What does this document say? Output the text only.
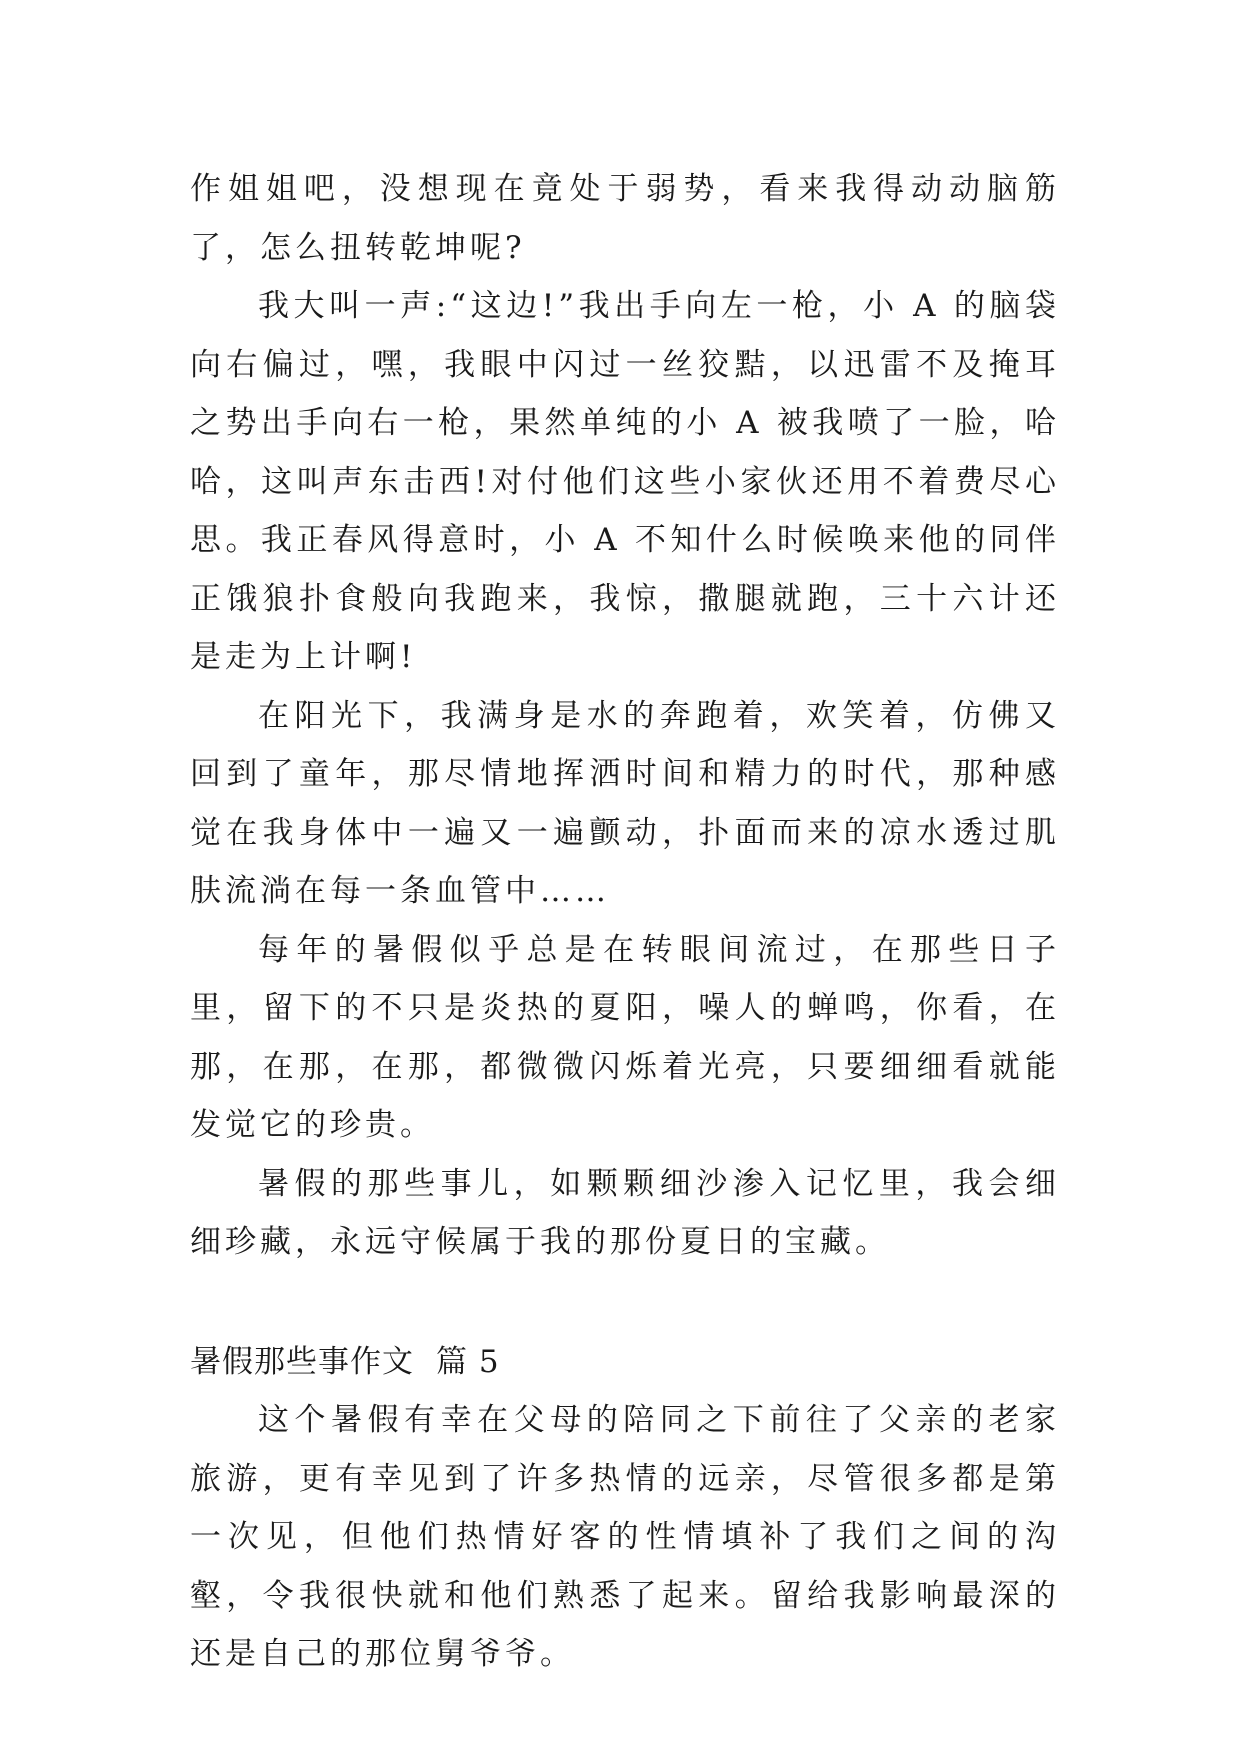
作姐姐吧，没想现在竟处于弱势，看来我得动动脑筋了，怎么扭转乾坤呢?

我大叫一声:“这边!”我出手向左一枪，小 A 的脑袋向右偏过，嘿，我眼中闪过一丝狡黠，以迅雷不及掩耳之势出手向右一枪，果然单纯的小 A 被我喷了一脸，哈哈，这叫声东击西!对付他们这些小家伙还用不着费尽心思。我正春风得意时，小 A 不知什么时候唤来他的同伴正饿狼扑食般向我跑来，我惊，撒腿就跑，三十六计还是走为上计啊!

在阳光下，我满身是水的奔跑着，欢笑着，仿佛又回到了童年，那尽情地挥洒时间和精力的时代，那种感觉在我身体中一遍又一遍颤动，扑面而来的凉水透过肌肤流淌在每一条血管中……

每年的暑假似乎总是在转眼间流过，在那些日子里，留下的不只是炎热的夏阳，噪人的蝉鸣，你看，在那，在那，在那，都微微闪烁着光亮，只要细细看就能发觉它的珍贵。

暑假的那些事儿，如颗颗细沙渗入记忆里，我会细细珍藏，永远守候属于我的那份夏日的宝藏。

暑假那些事作文 篇 5

这个暑假有幸在父母的陪同之下前往了父亲的老家旅游，更有幸见到了许多热情的远亲，尽管很多都是第一次见，但他们热情好客的性情填补了我们之间的沟壑，令我很快就和他们熟悉了起来。留给我影响最深的还是自己的那位舅爷爷。
